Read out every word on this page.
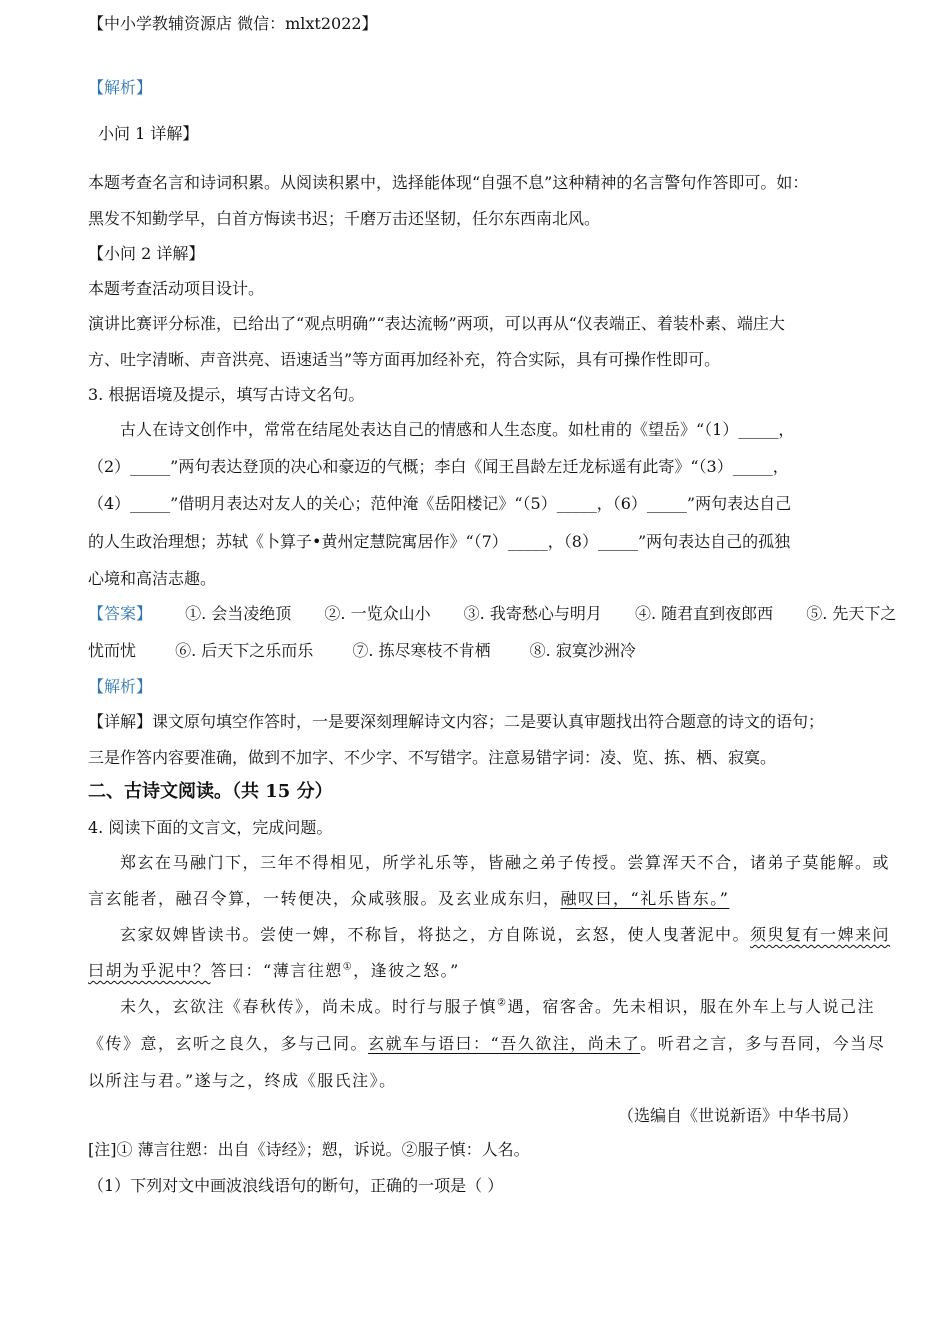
【中小学教辅资源店 微信：mlxt2022】
【解析】
小问 1 详解】
本题考查名言和诗词积累。从阅读积累中，选择能体现“自强不息”这种精神的名言警句作答即可。如：
黑发不知勤学早，白首方悔读书迟；千磨万击还坚韧，任尔东西南北风。
【小问 2 详解】
本题考查活动项目设计。
演讲比赛评分标准，已给出了“观点明确”“表达流畅”两项，可以再从“仪表端正、着装朴素、端庄大
方、吐字清晰、声音洪亮、语速适当”等方面再加经补充，符合实际，具有可操作性即可。
3. 根据语境及提示，填写古诗文名句。
古人在诗文创作中，常常在结尾处表达自己的情感和人生态度。如杜甫的《望岳》“（1）_____，
（2）_____”两句表达登顶的决心和豪迈的气概；李白《闻王昌龄左迁龙标遥有此寄》“（3）_____，
（4）_____”借明月表达对友人的关心；范仲淹《岳阳楼记》“（5）_____，（6）_____”两句表达自己
的人生政治理想；苏轼《卜算子•黄州定慧院寓居作》“（7）_____，（8）_____”两句表达自己的孤独
心境和高洁志趣。
【答案】 ①. 会当凌绝顶 ②. 一览众山小 ③. 我寄愁心与明月 ④. 随君直到夜郎西 ⑤. 先天下之
忧而忧 ⑥. 后天下之乐而乐 ⑦. 拣尽寒枝不肯栖 ⑧. 寂寞沙洲冷
【解析】
【详解】课文原句填空作答时，一是要深刻理解诗文内容；二是要认真审题找出符合题意的诗文的语句；
三是作答内容要准确，做到不加字、不少字、不写错字。注意易错字词：凌、览、拣、栖、寂寞。
二、古诗文阅读。（共 15 分）
4. 阅读下面的文言文，完成问题。
郑玄在马融门下，三年不得相见，所学礼乐等，皆融之弟子传授。尝算浑天不合，诸弟子莫能解。或
言玄能者，融召令算，一转便决，众咸骇服。及玄业成东归，融叹曰，“礼乐皆东。”
玄家奴婢皆读书。尝使一婢，不称旨，将挞之，方自陈说，玄怒，使人曳著泥中。须臾复有一婢来问
曰胡为乎泥中？答曰：“薄言往愬①，逢彼之怒。”
未久，玄欲注《春秋传》，尚未成。时行与服子慎②遇，宿客舍。先未相识，服在外车上与人说己注
《传》意，玄听之良久，多与己同。玄就车与语曰：“吾久欲注，尚未了。听君之言，多与吾同，今当尽
以所注与君。”遂与之，终成《服氏注》。
（选编自《世说新语》中华书局）
[注]① 薄言往愬：出自《诗经》；愬，诉说。②服子慎：人名。
（1）下列对文中画波浪线语句的断句，正确的一项是（ ）
